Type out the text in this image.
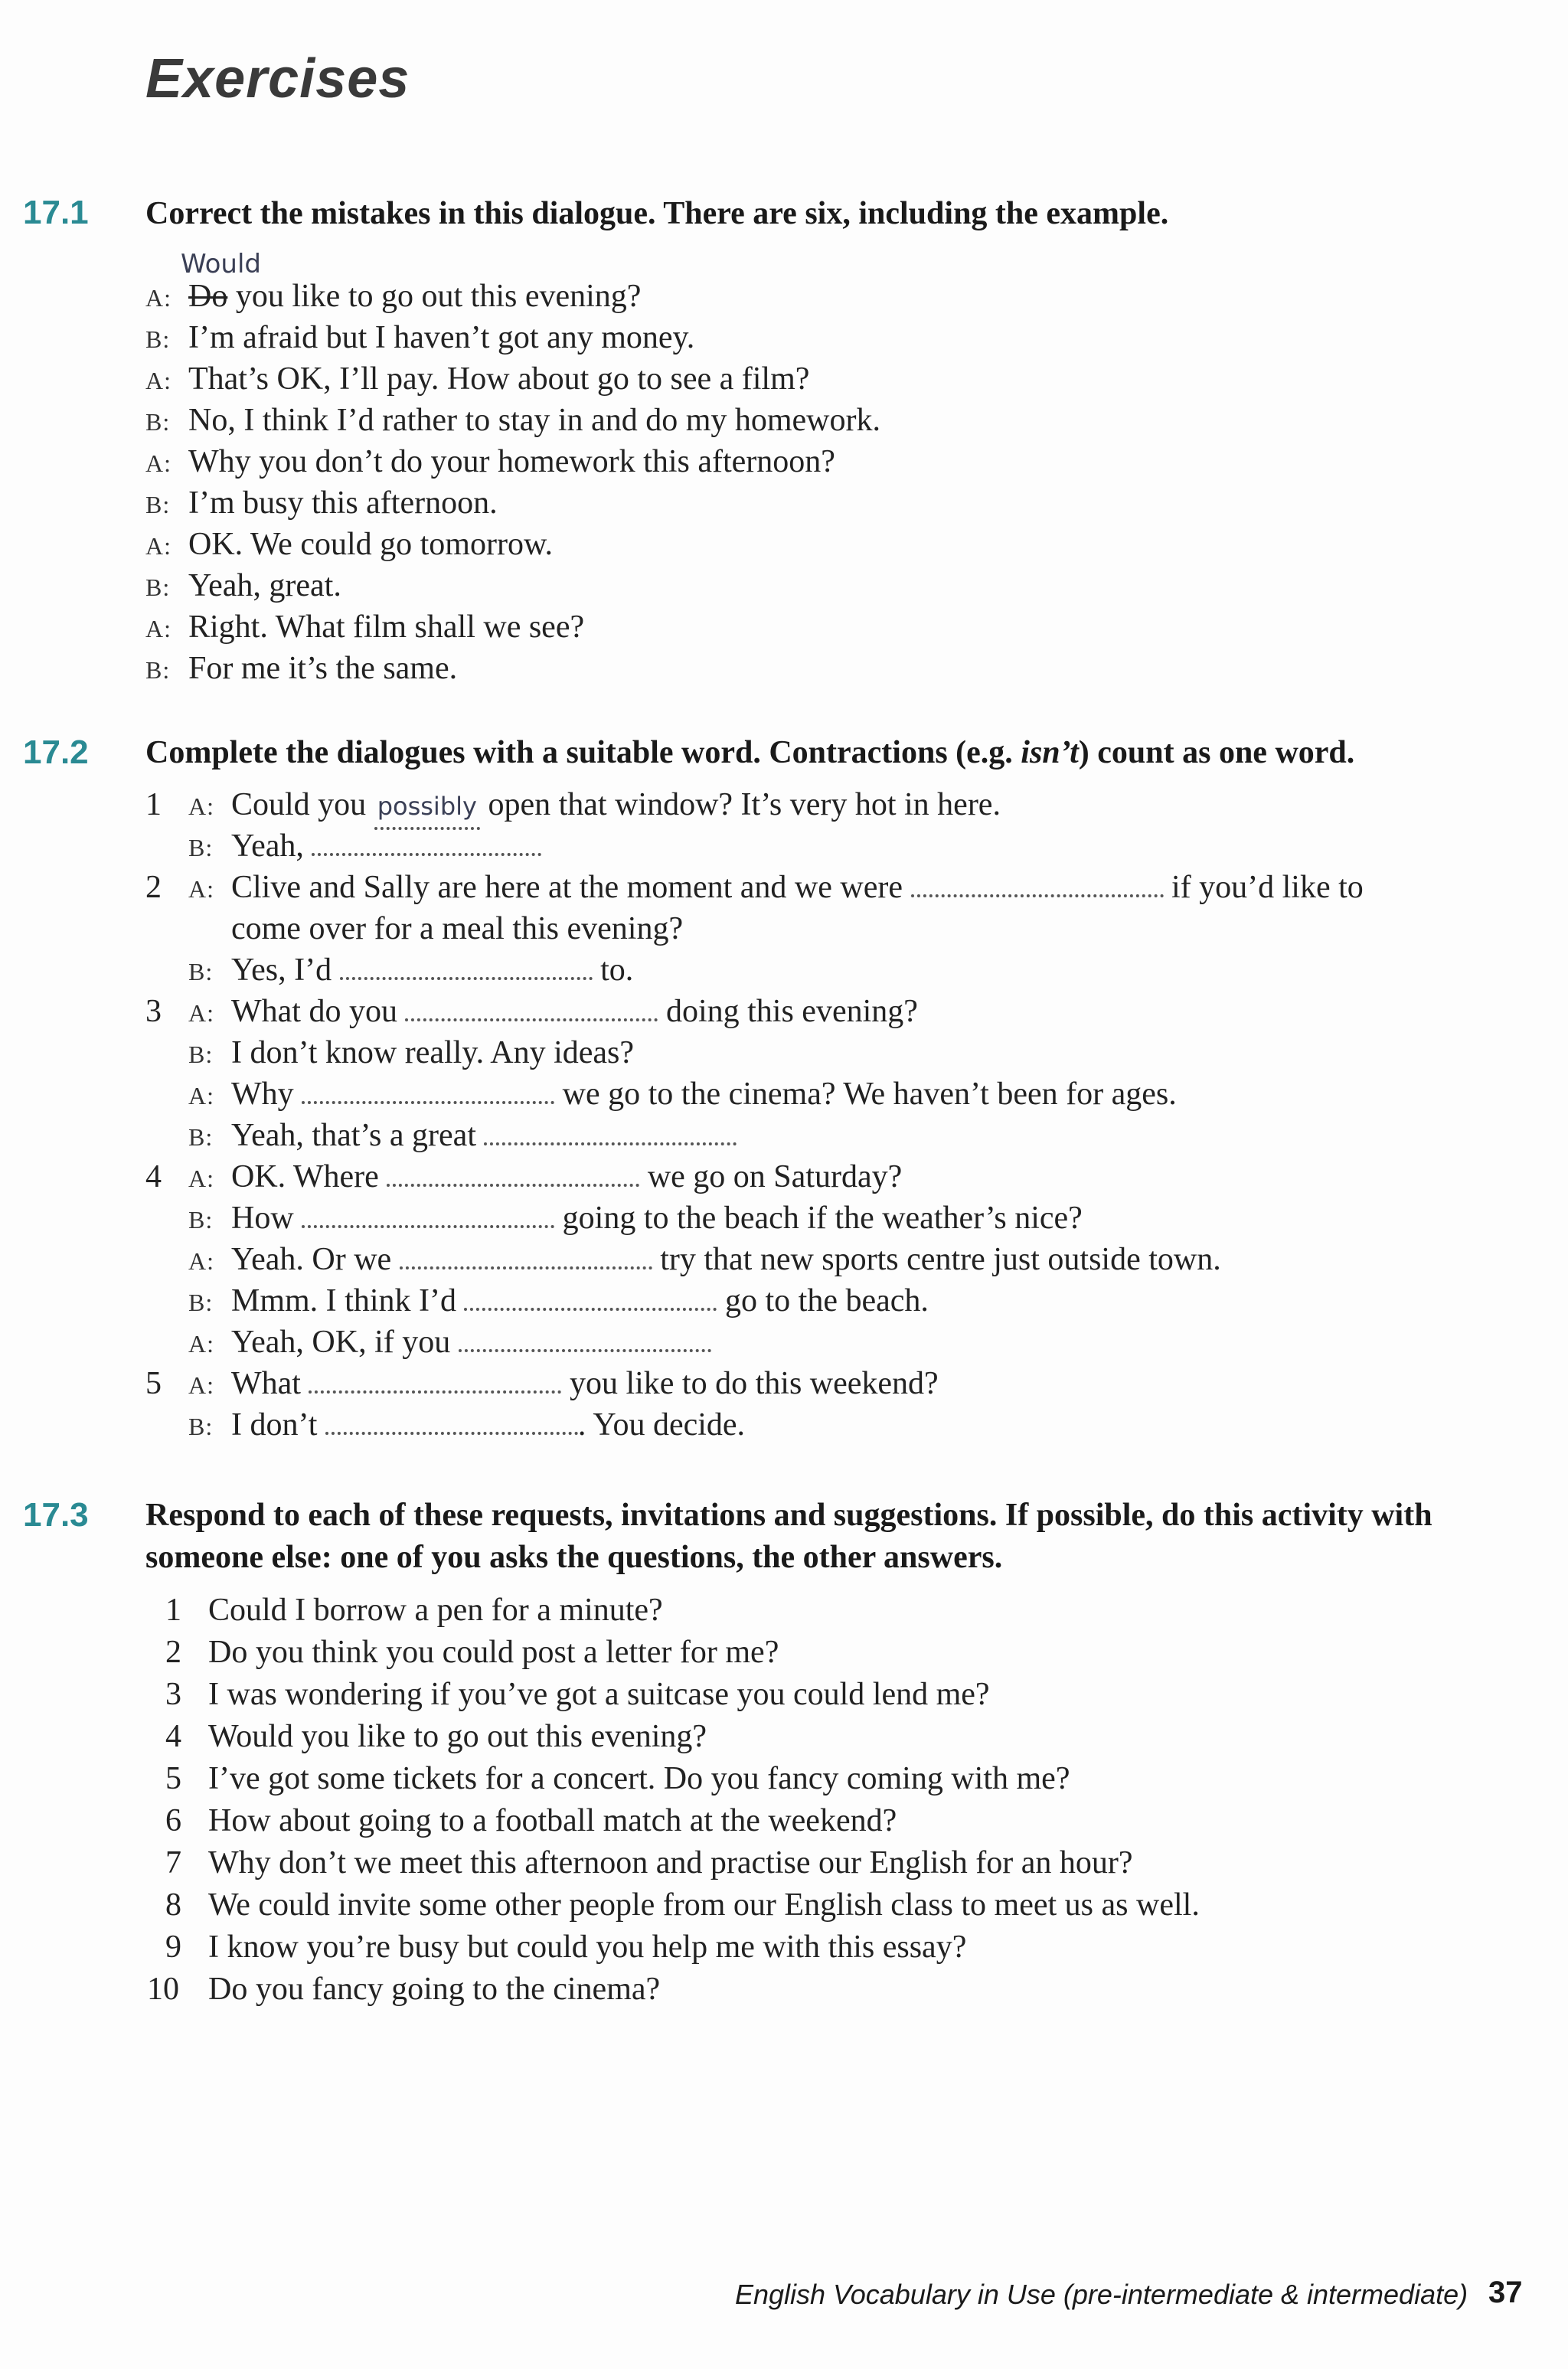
Exercises
17.1 Correct the mistakes in this dialogue. There are six, including the example.
Would
A: Do you like to go out this evening?
B: I’m afraid but I haven’t got any money.
A: That’s OK, I’ll pay. How about go to see a film?
B: No, I think I’d rather to stay in and do my homework.
A: Why you don’t do your homework this afternoon?
B: I’m busy this afternoon.
A: OK. We could go tomorrow.
B: Yeah, great.
A: Right. What film shall we see?
B: For me it’s the same.
17.2 Complete the dialogues with a suitable word. Contractions (e.g. isn’t) count as one word.
1 A: Could you possibly open that window? It’s very hot in here.
B: Yeah,
2 A: Clive and Sally are here at the moment and we were	if you’d like to
come over for a meal this evening?
B: Yes, I’d	to.
3 A: What do you	doing this evening?
B: I don’t know really. Any ideas?
A: Why	we go to the cinema? We haven’t been for ages.
B: Yeah, that’s a great
4 A: OK. Where	we go on Saturday?
B: How	going to the beach if the weather’s nice?
A: Yeah. Or we	try that new sports centre just outside town.
B: Mmm. I think I’d	go to the beach.
A: Yeah, OK, if you
5 A: What	you like to do this weekend?
B: I don’t	. You decide.
17.3 Respond to each of these requests, invitations and suggestions. If possible, do this activity with someone else: one of you asks the questions, the other answers.
1 Could I borrow a pen for a minute?
2 Do you think you could post a letter for me?
3 I was wondering if you’ve got a suitcase you could lend me?
4 Would you like to go out this evening?
5 I’ve got some tickets for a concert. Do you fancy coming with me?
6 How about going to a football match at the weekend?
7 Why don’t we meet this afternoon and practise our English for an hour?
8 We could invite some other people from our English class to meet us as well.
9 I know you’re busy but could you help me with this essay?
10 Do you fancy going to the cinema?
English Vocabulary in Use (pre-intermediate & intermediate) 37
